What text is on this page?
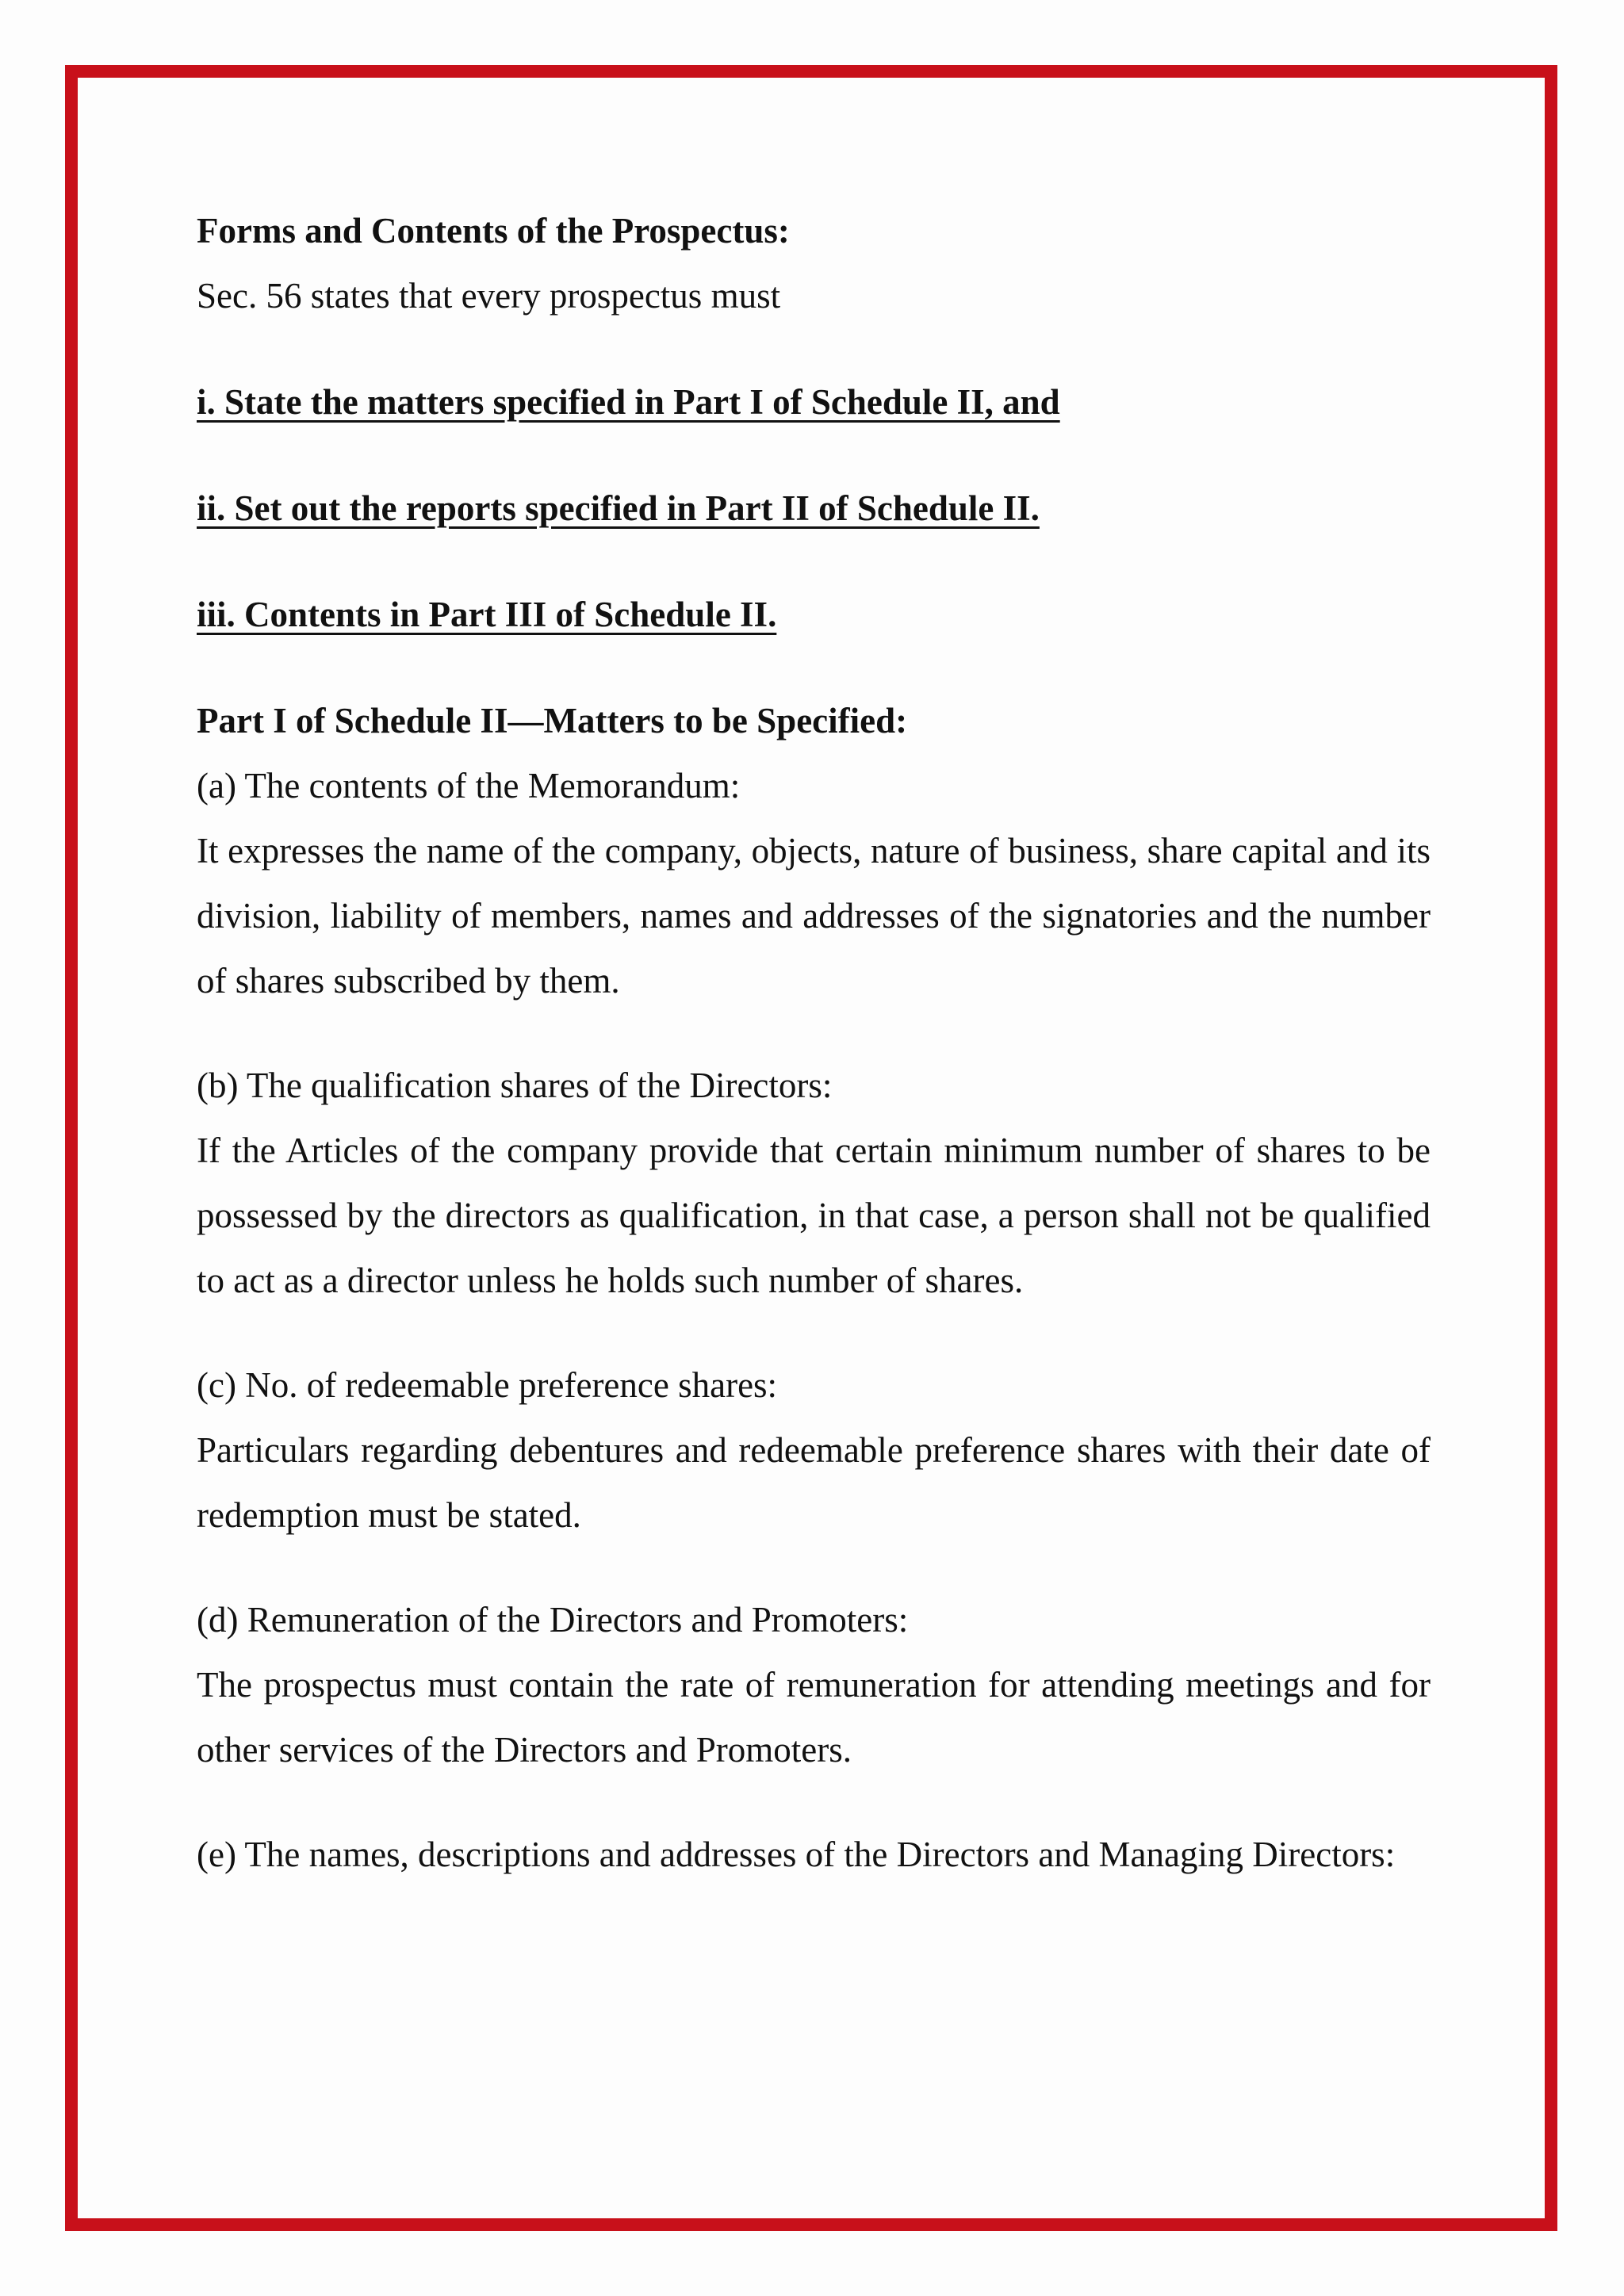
Forms and Contents of the Prospectus:

Sec. 56 states that every prospectus must

i. State the matters specified in Part I of Schedule II, and

ii. Set out the reports specified in Part II of Schedule II.

iii. Contents in Part III of Schedule II.

Part I of Schedule II—Matters to be Specified:

(a) The contents of the Memorandum:

It expresses the name of the company, objects, nature of business, share capital and its division, liability of members, names and addresses of the signatories and the number of shares subscribed by them.

(b) The qualification shares of the Directors:

If the Articles of the company provide that certain minimum number of shares to be possessed by the directors as qualification, in that case, a person shall not be qualified to act as a director unless he holds such number of shares.

(c) No. of redeemable preference shares:

Particulars regarding debentures and redeemable preference shares with their date of redemption must be stated.

(d) Remuneration of the Directors and Promoters:

The prospectus must contain the rate of remuneration for attending meetings and for other services of the Directors and Promoters.

(e) The names, descriptions and addresses of the Directors and Managing Directors:
